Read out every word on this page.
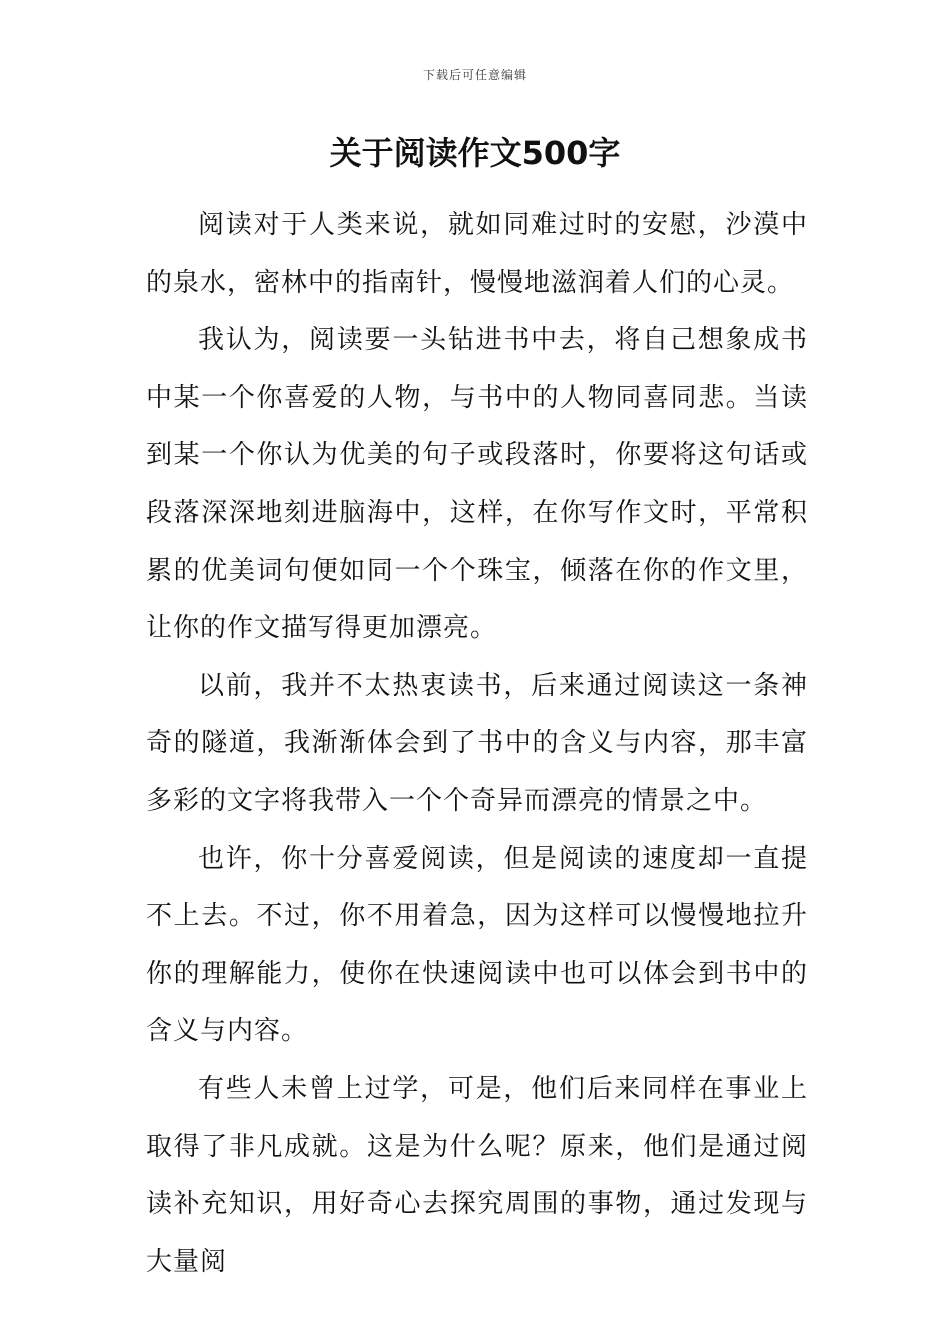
下载后可任意编辑
关于阅读作文500字

阅读对于人类来说，就如同难过时的安慰，沙漠中的泉水，密林中的指南针，慢慢地滋润着人们的心灵。

我认为，阅读要一头钻进书中去，将自己想象成书中某一个你喜爱的人物，与书中的人物同喜同悲。当读到某一个你认为优美的句子或段落时，你要将这句话或段落深深地刻进脑海中，这样，在你写作文时，平常积累的优美词句便如同一个个珠宝，倾落在你的作文里，让你的作文描写得更加漂亮。

以前，我并不太热衷读书，后来通过阅读这一条神奇的隧道，我渐渐体会到了书中的含义与内容，那丰富多彩的文字将我带入一个个奇异而漂亮的情景之中。

也许，你十分喜爱阅读，但是阅读的速度却一直提不上去。不过，你不用着急，因为这样可以慢慢地拉升你的理解能力，使你在快速阅读中也可以体会到书中的含义与内容。

有些人未曾上过学，可是，他们后来同样在事业上取得了非凡成就。这是为什么呢？原来，他们是通过阅读补充知识，用好奇心去探究周围的事物，通过发现与大量阅
